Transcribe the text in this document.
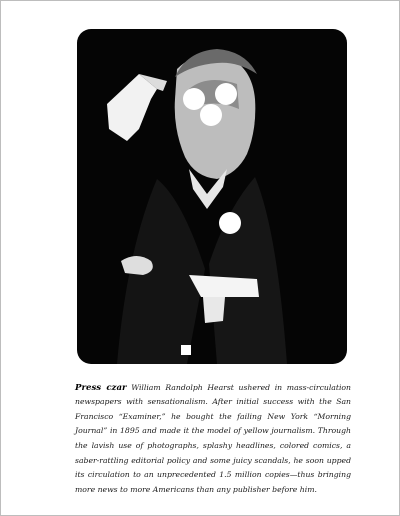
Press czar William Randolph Hearst ushered in mass-circulation newspapers with sensationalism. After initial success with the San Francisco “Examiner,” he bought the failing New York “Morning Journal” in 1895 and made it the model of yellow journalism. Through the lavish use of photographs, splashy headlines, colored comics, a saber-rattling editorial policy and some juicy scandals, he soon upped its circulation to an unprecedented 1.5 million copies—thus bringing more news to more Americans than any publisher before him.
